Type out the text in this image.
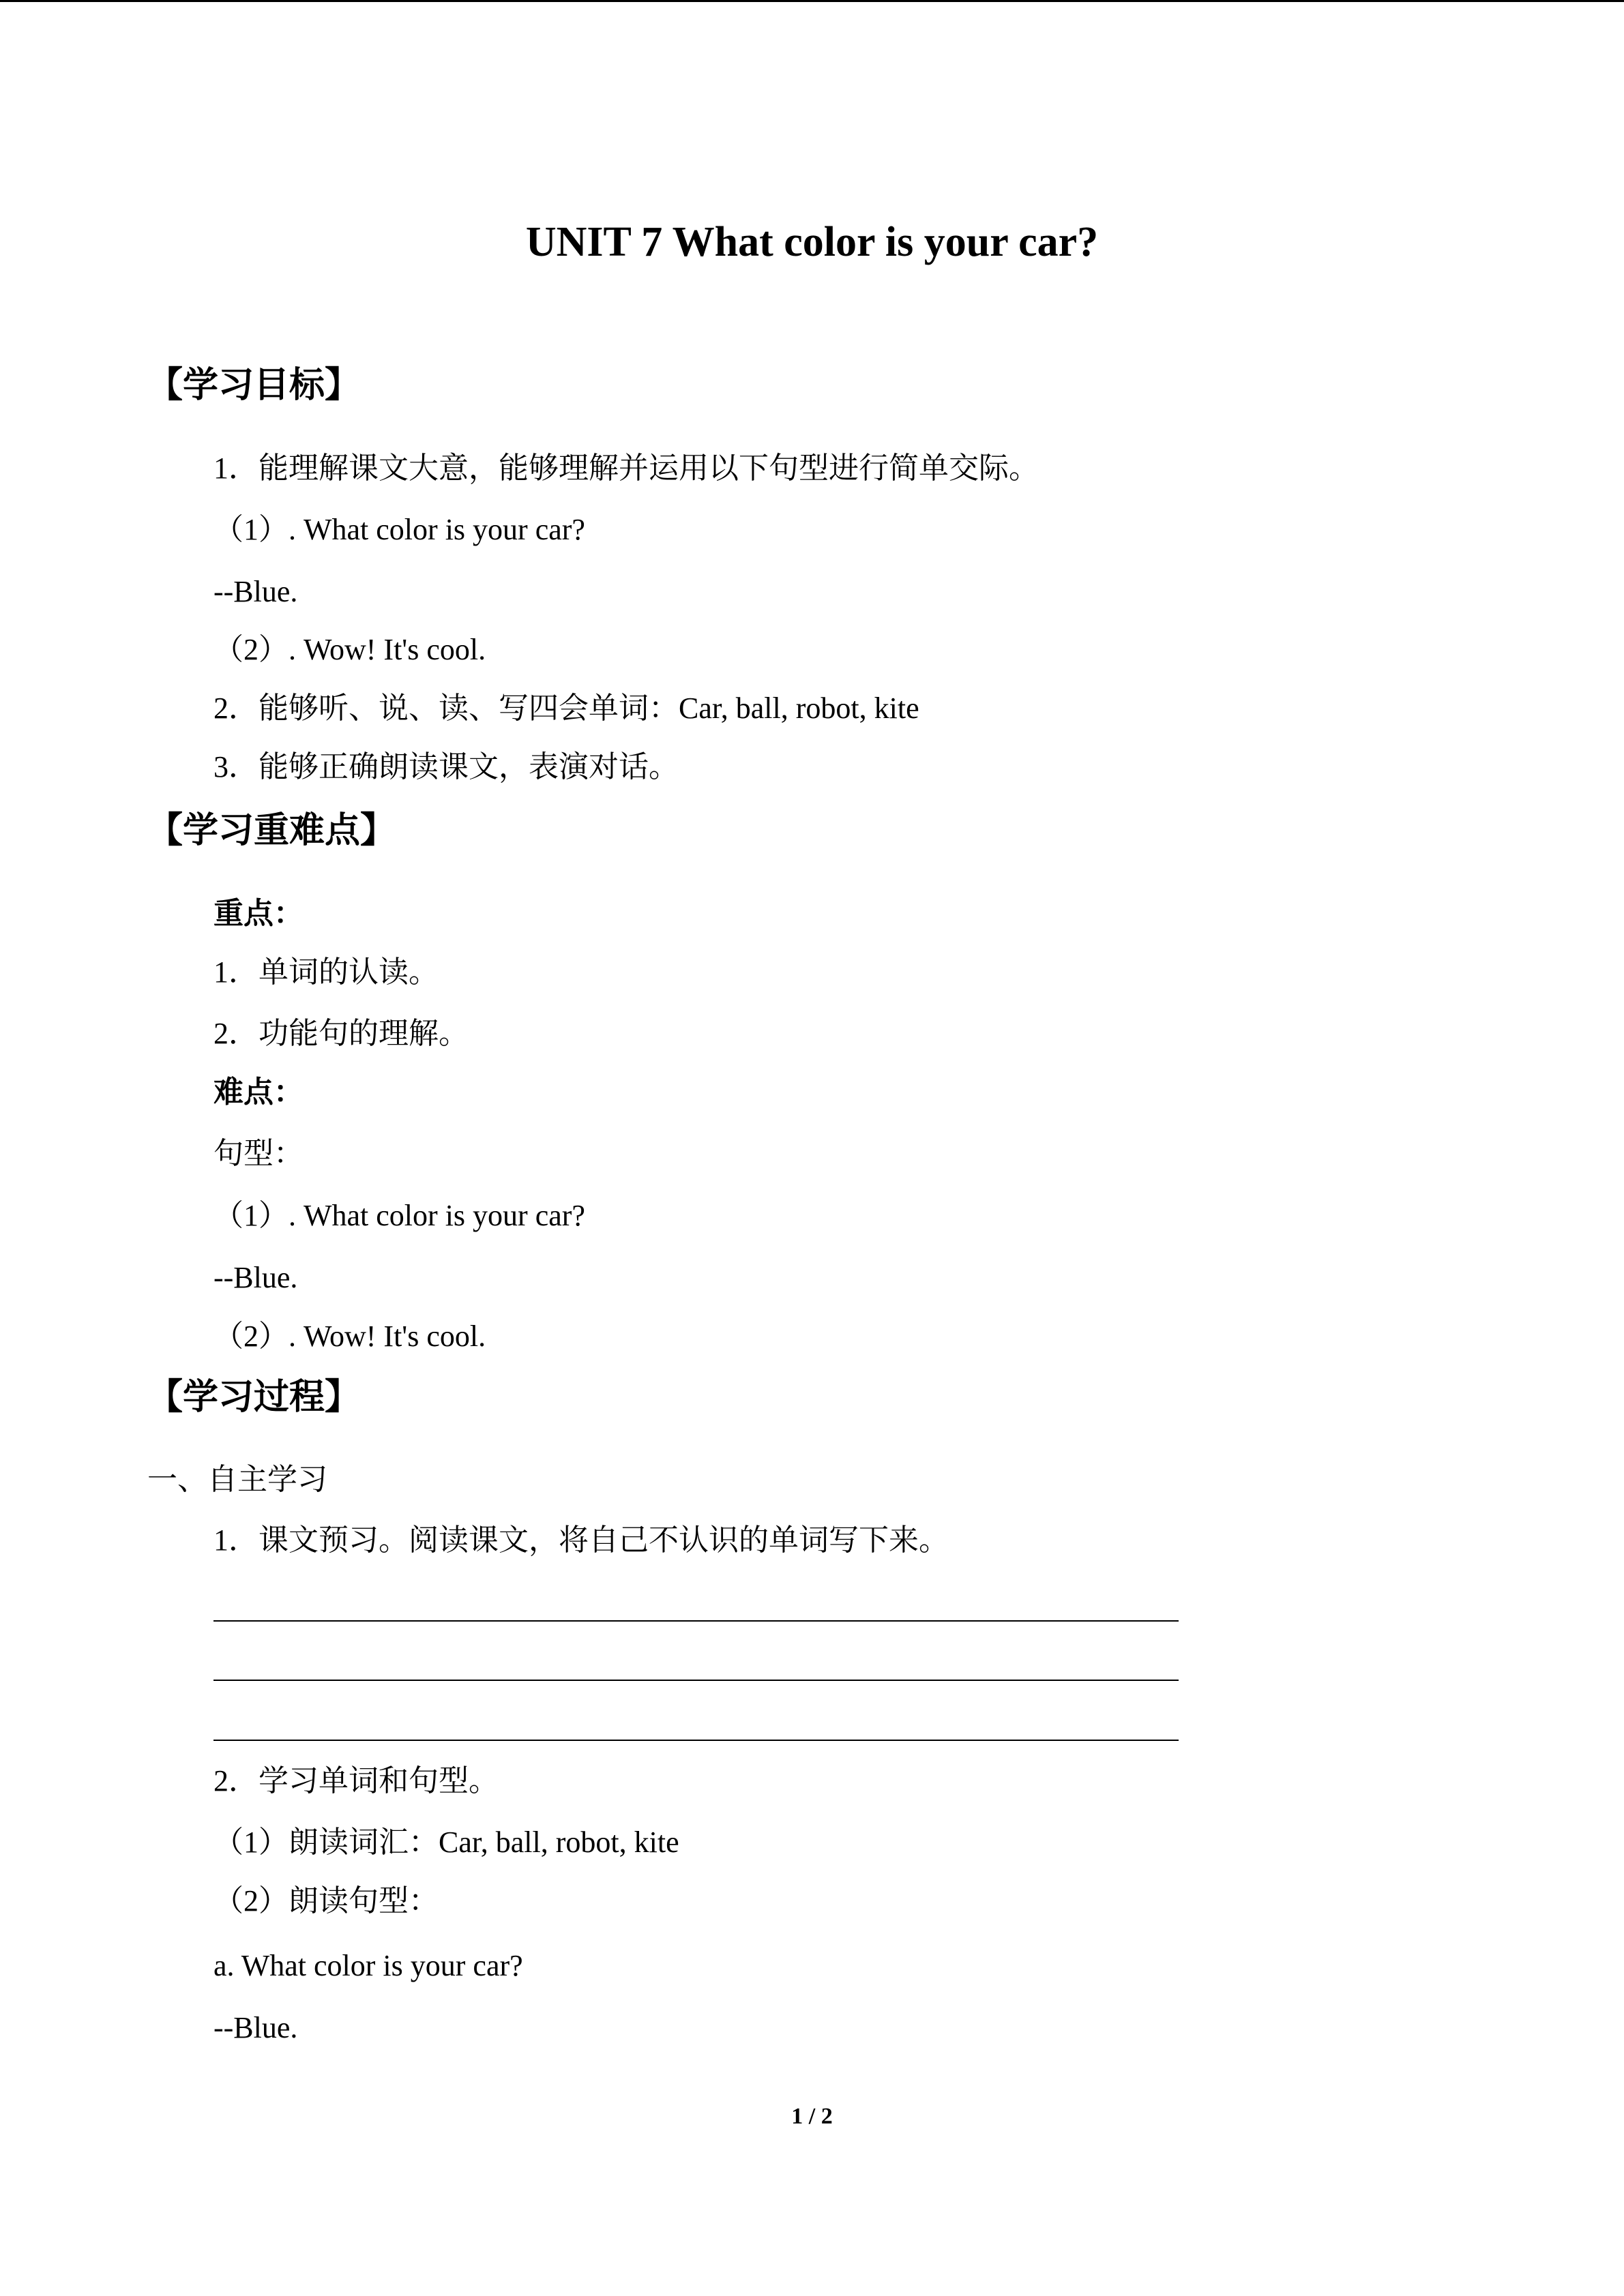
UNIT 7 What color is your car?
【学习目标】
1．能理解课文大意，能够理解并运用以下句型进行简单交际。
（1）. What color is your car?
--Blue.
（2）. Wow! It's cool.
2．能够听、说、读、写四会单词：Car, ball, robot, kite
3．能够正确朗读课文，表演对话。
【学习重难点】
重点：
1．单词的认读。
2．功能句的理解。
难点：
句型：
（1）. What color is your car?
--Blue.
（2）. Wow! It's cool.
【学习过程】
一、自主学习
1．课文预习。阅读课文，将自己不认识的单词写下来。
2．学习单词和句型。
（1）朗读词汇：Car, ball, robot, kite
（2）朗读句型：
a. What color is your car?
--Blue.
1 / 2
